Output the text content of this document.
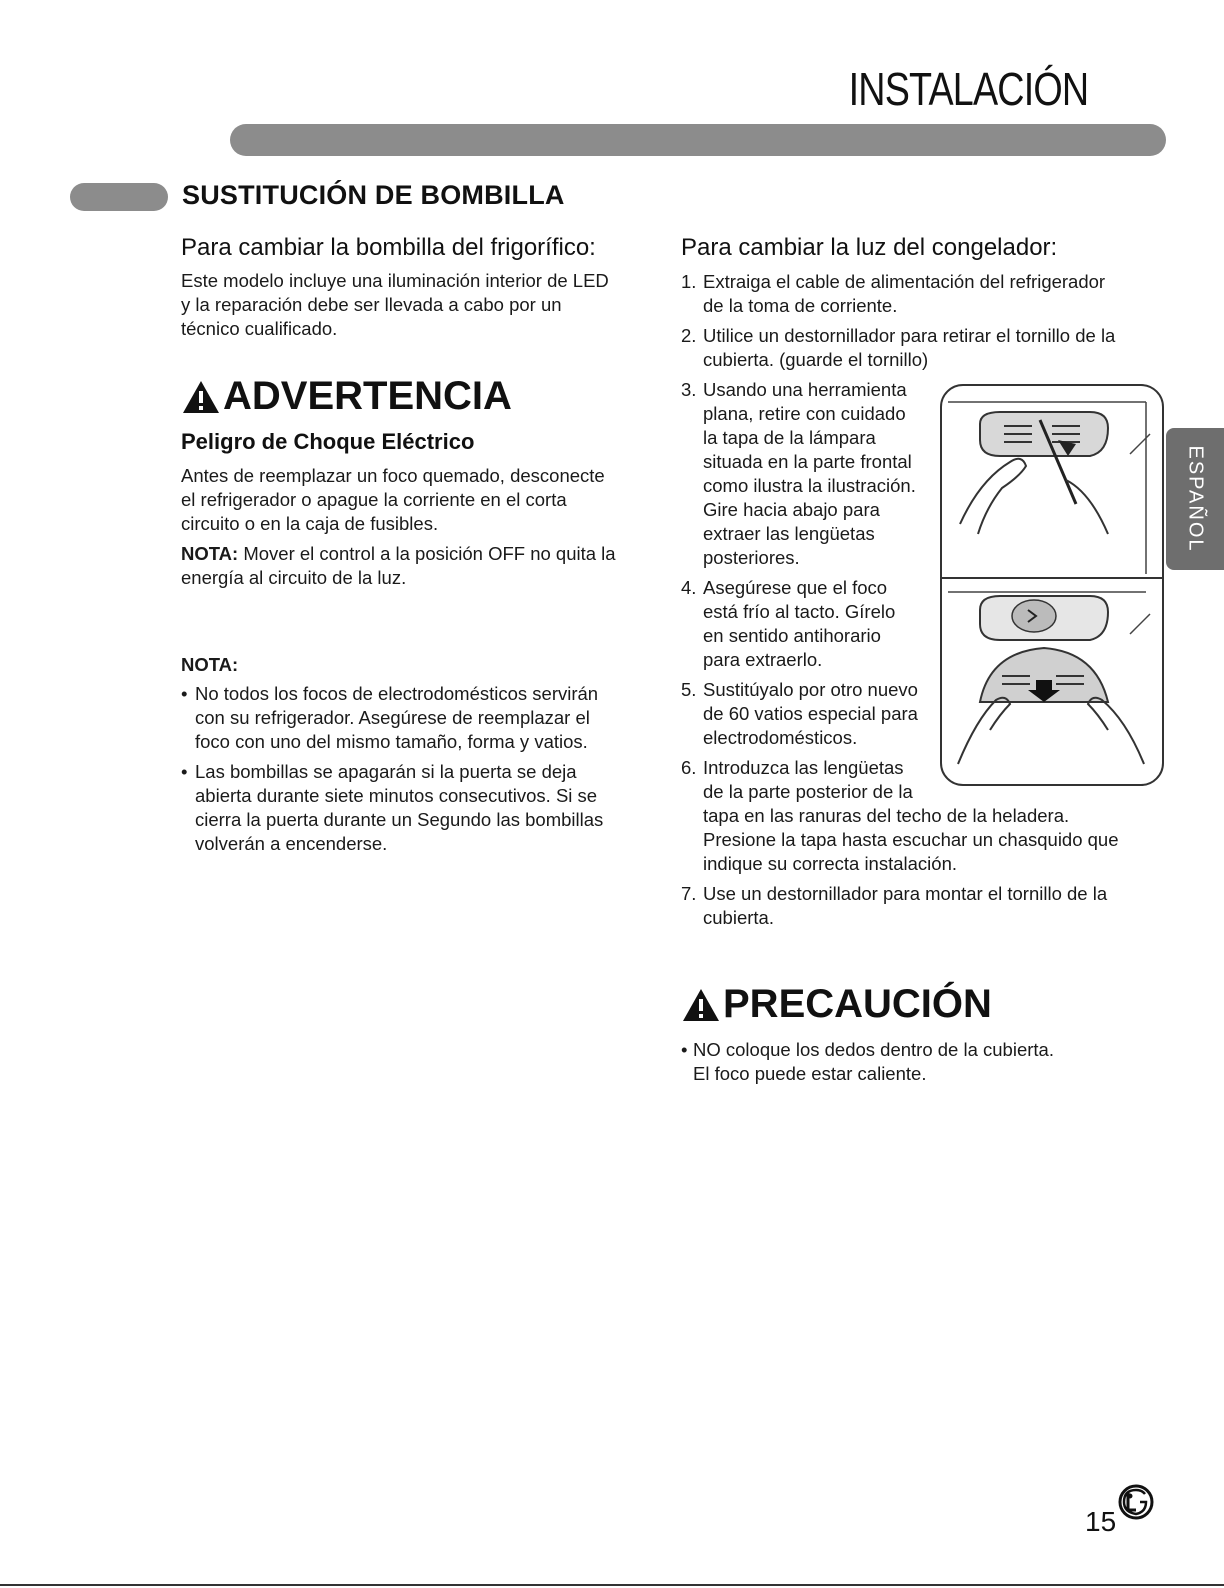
INSTALACIÓN
SUSTITUCIÓN DE BOMBILLA
Para cambiar la bombilla del frigorífico:
Este modelo incluye una iluminación interior de LED
y la reparación debe ser llevada a cabo por un
técnico cualificado.
ADVERTENCIA
Peligro de Choque Eléctrico
Antes de reemplazar un foco quemado, desconecte
el refrigerador o apague la corriente en el corta
circuito o en la caja de fusibles.
NOTA: Mover el control a la posición OFF no quita la
energía al circuito de la luz.
NOTA:
• No todos los focos de electrodomésticos servirán
con su refrigerador. Asegúrese de reemplazar el
foco con uno del mismo tamaño, forma y vatios.
• Las bombillas se apagarán si la puerta se deja
abierta durante siete minutos consecutivos. Si se
cierra la puerta durante un Segundo las bombillas
volverán a encenderse.
Para cambiar la luz del congelador:
1. Extraiga el cable de alimentación del refrigerador
de la toma de corriente.
2. Utilice un destornillador para retirar el tornillo de la
cubierta. (guarde el tornillo)
3. Usando una herramienta
plana, retire con cuidado
la tapa de la lámpara
situada en la parte frontal
como ilustra la ilustración.
Gire hacia abajo para
extraer las lengüetas
posteriores.
4. Asegúrese que el foco
está frío al tacto. Gírelo
en sentido antihorario
para extraerlo.
5. Sustitúyalo por otro nuevo
de 60 vatios especial para
electrodomésticos.
6. Introduzca las lengüetas
de la parte posterior de la
tapa en las ranuras del techo de la heladera.
Presione la tapa hasta escuchar un chasquido que
indique su correcta instalación.
7. Use un destornillador para montar el tornillo de la
cubierta.
PRECAUCIÓN
• NO coloque los dedos dentro de la cubierta.
El foco puede estar caliente.
ESPAÑOL
15
